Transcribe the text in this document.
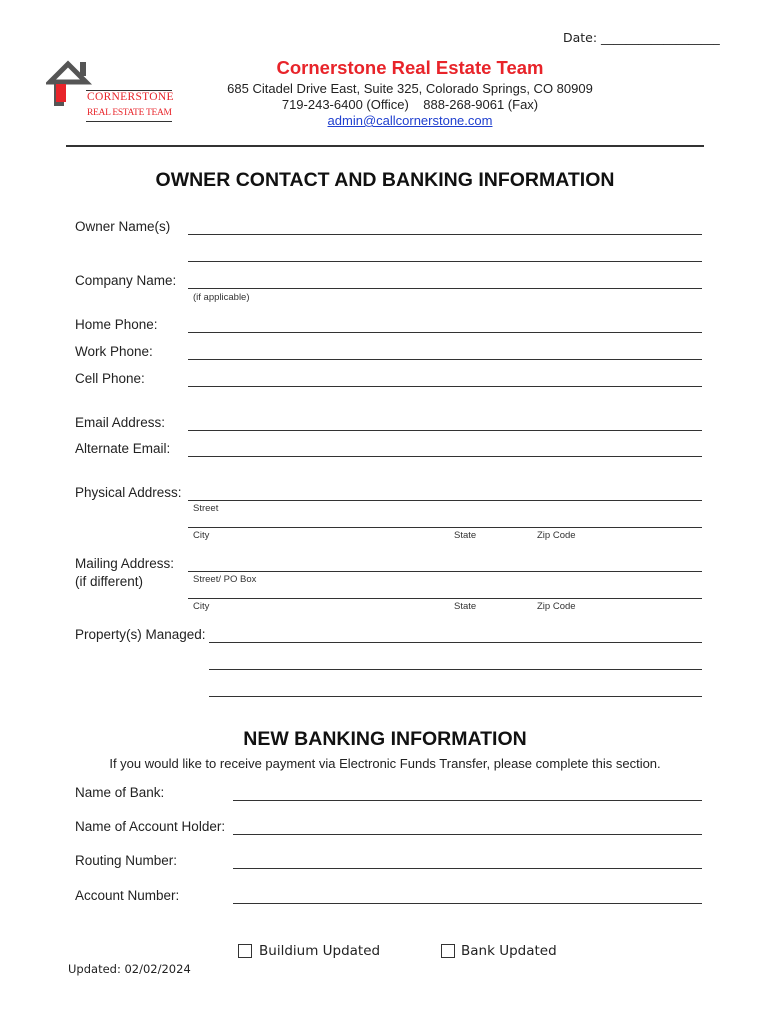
Date: ___________________
CORNERSTONE
REAL ESTATE TEAM
Cornerstone Real Estate Team
685 Citadel Drive East, Suite 325, Colorado Springs, CO 80909
719-243-6400 (Office)    888-268-9061 (Fax)
admin@callcornerstone.com
OWNER CONTACT AND BANKING INFORMATION
Owner Name(s)
Company Name:
(if applicable)
Home Phone:
Work Phone:
Cell Phone:
Email Address:
Alternate Email:
Physical Address:
Street
City	State	Zip Code
Mailing Address:
(if different)	Street/ PO Box
City	State	Zip Code
Property(s) Managed:
NEW BANKING INFORMATION
If you would like to receive payment via Electronic Funds Transfer, please complete this section.
Name of Bank:
Name of Account Holder:
Routing Number:
Account Number:
Buildium Updated	Bank Updated
Updated: 02/02/2024
